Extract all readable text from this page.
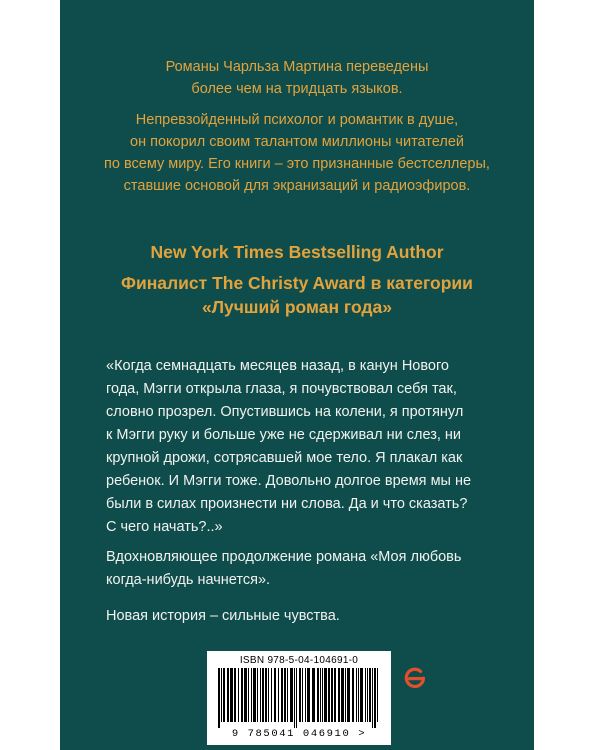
Романы Чарльза Мартина переведены

более чем на тридцать языков.

Непревзойденный психолог и романтик в душе,

он покорил своим талантом миллионы читателей

по всему миру. Его книги – это признанные бестселлеры,

ставшие основой для экранизаций и радиоэфиров.

New York Times Bestselling Author
Финалист The Christy Award в категории
«Лучший роман года»
«Когда семнадцать месяцев назад, в канун Нового
года, Мэгги открыла глаза, я почувствовал себя так,
словно прозрел. Опустившись на колени, я протянул
к Мэгги руку и больше уже не сдерживал ни слез, ни
крупной дрожи, сотрясавшей мое тело. Я плакал как
ребенок. И Мэгги тоже. Довольно долгое время мы не
были в силах произнести ни слова. Да и что сказать?
С чего начать?..»
Вдохновляющее продолжение романа «Моя любовь
когда-нибудь начнется».
Новая история – сильные чувства.
ISBN 978-5-04-104691-0
9 785041 046910 >
